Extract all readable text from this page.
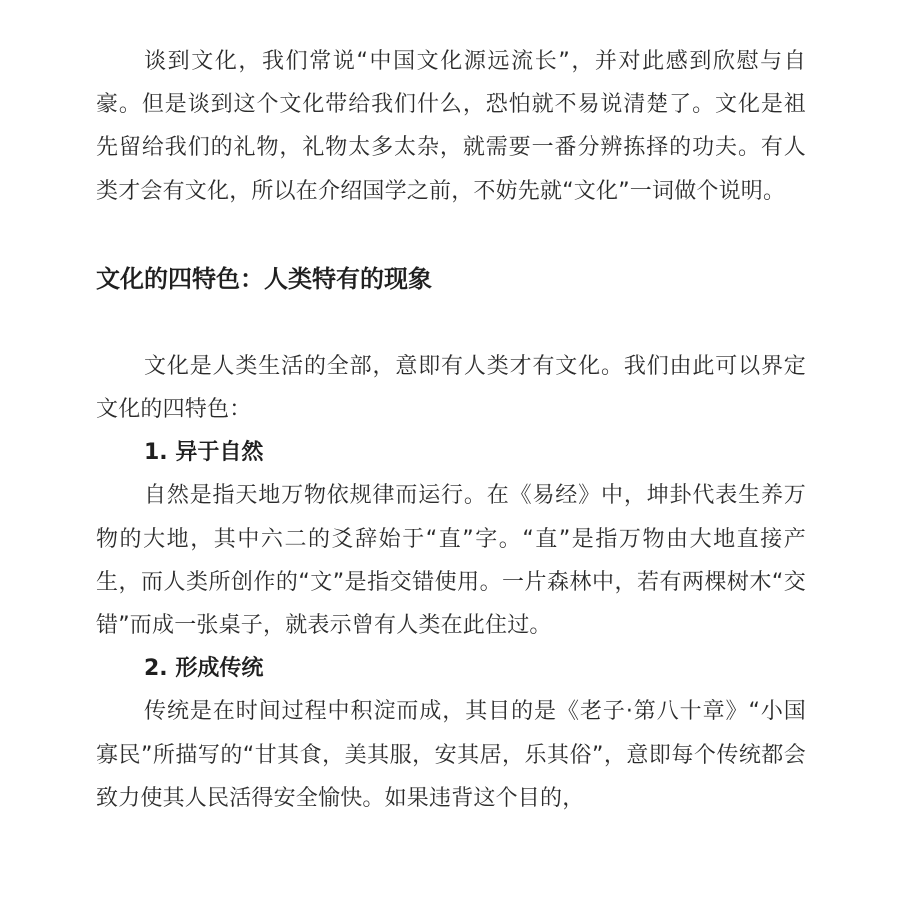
谈到文化，我们常说“中国文化源远流长”，并对此感到欣慰与自豪。但是谈到这个文化带给我们什么，恐怕就不易说清楚了。文化是祖先留给我们的礼物，礼物太多太杂，就需要一番分辨拣择的功夫。有人类才会有文化，所以在介绍国学之前，不妨先就“文化”一词做个说明。

文化的四特色：人类特有的现象

文化是人类生活的全部，意即有人类才有文化。我们由此可以界定文化的四特色：

1. 异于自然

自然是指天地万物依规律而运行。在《易经》中，坤卦代表生养万物的大地，其中六二的爻辞始于“直”字。“直”是指万物由大地直接产生，而人类所创作的“文”是指交错使用。一片森林中，若有两棵树木“交错”而成一张桌子，就表示曾有人类在此住过。

2. 形成传统

传统是在时间过程中积淀而成，其目的是《老子·第八十章》“小国寡民”所描写的“甘其食，美其服，安其居，乐其俗”，意即每个传统都会致力使其人民活得安全愉快。如果违背这个目的，
